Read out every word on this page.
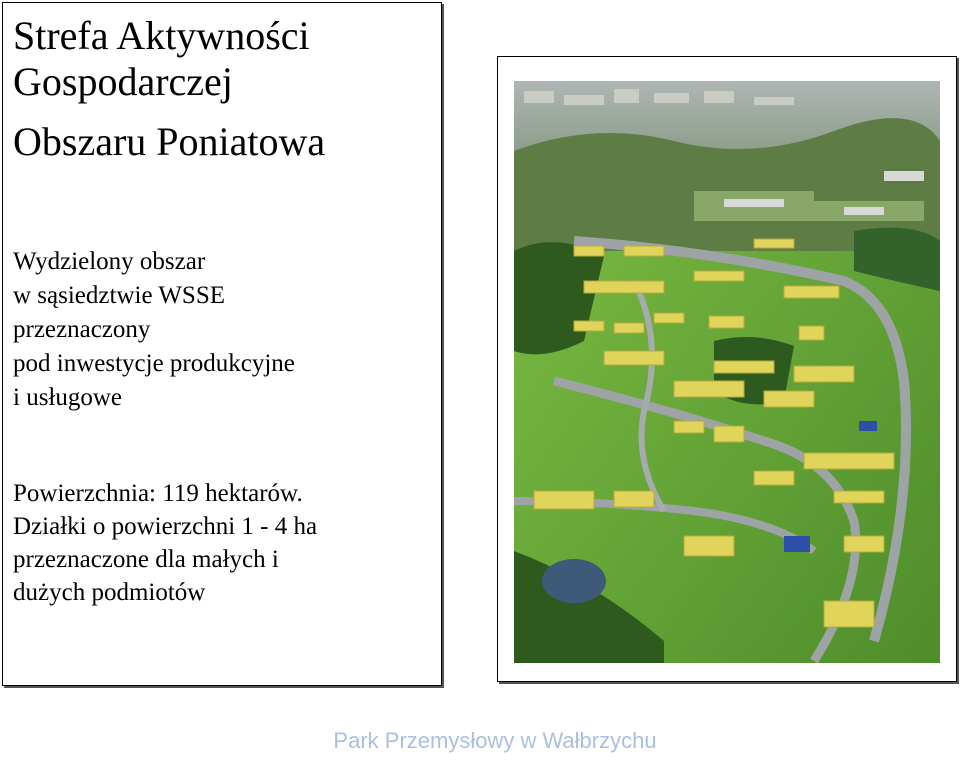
Strefa Aktywności
Gospodarczej
Obszaru Poniatowa
Wydzielony obszar
w sąsiedztwie WSSE
przeznaczony
pod inwestycje produkcyjne
i usługowe
Powierzchnia: 119 hektarów.
Działki o powierzchni 1 - 4 ha
przeznaczone dla małych i
dużych podmiotów
Park Przemysłowy w Wałbrzychu
